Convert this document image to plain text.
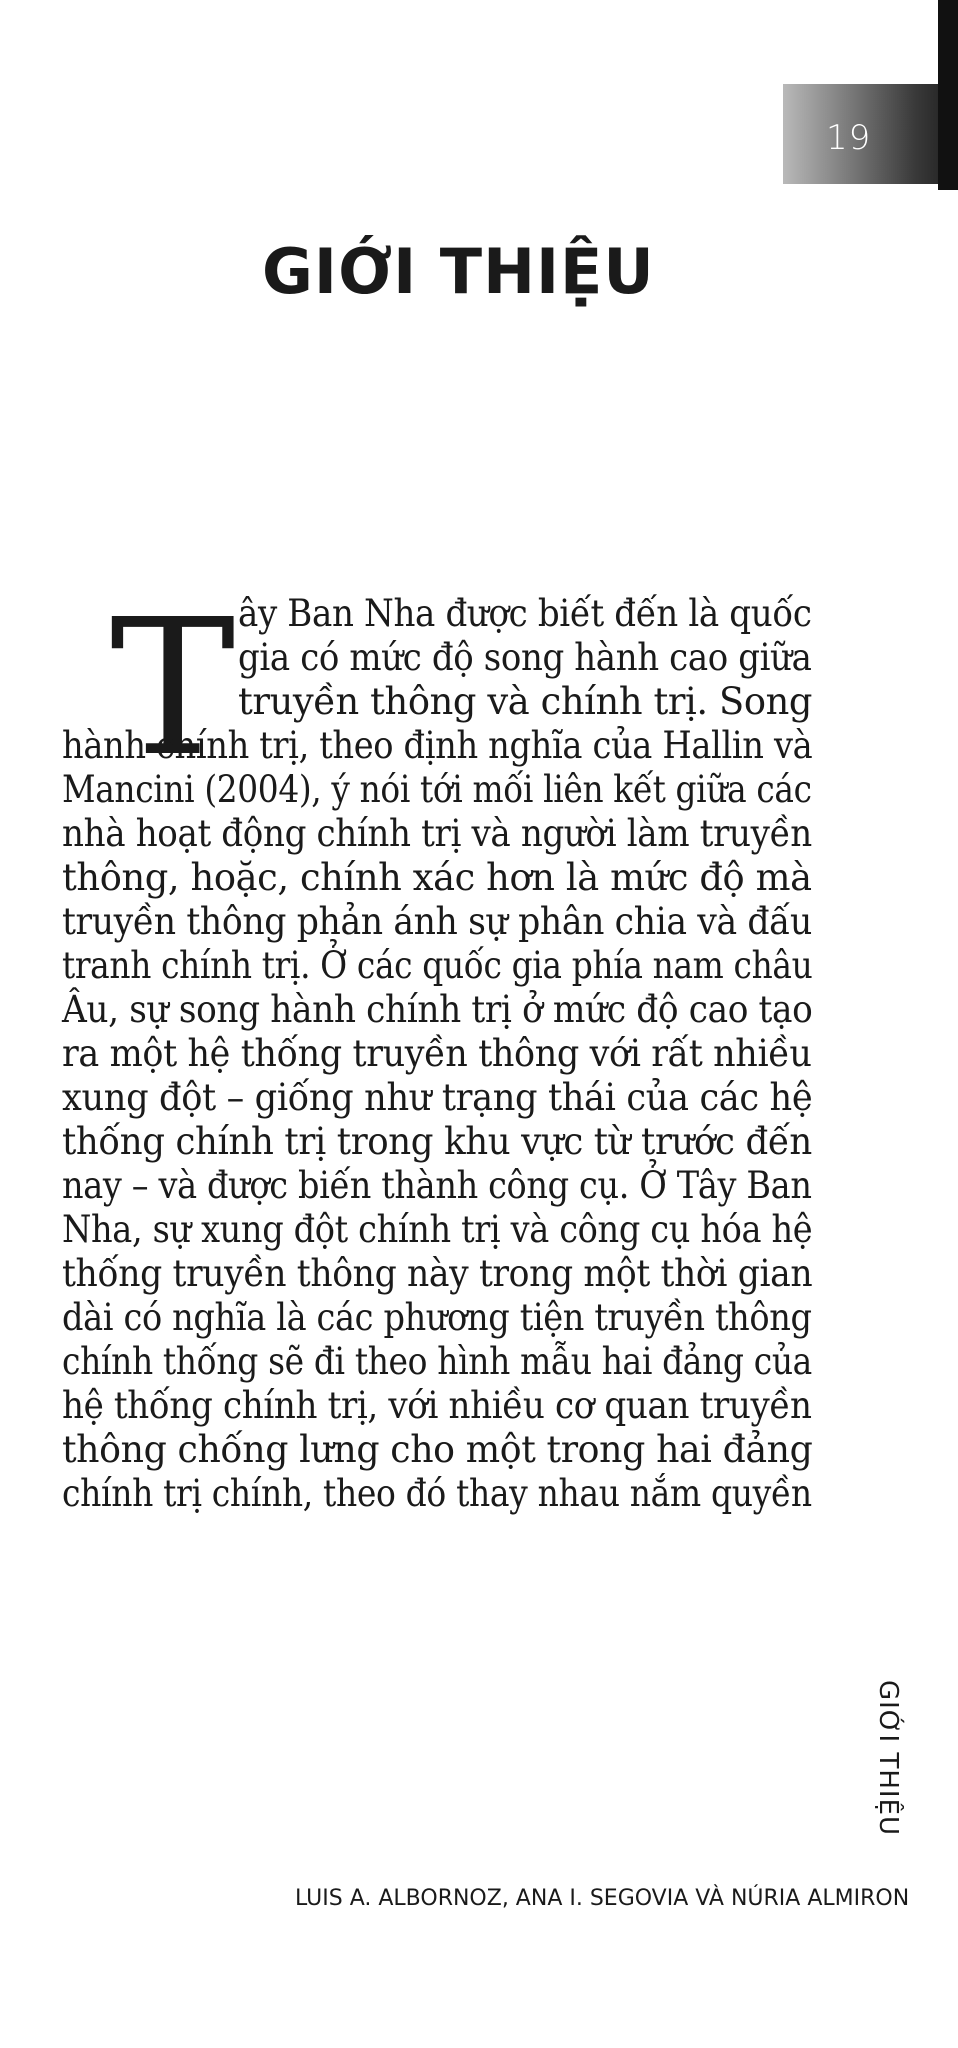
19
GIỚI THIỆU
T ây Ban Nha được biết đến là quốc
gia có mức độ song hành cao giữa
truyền thông và chính trị. Song
hành chính trị, theo định nghĩa của Hallin và
Mancini (2004), ý nói tới mối liên kết giữa các
nhà hoạt động chính trị và người làm truyền
thông, hoặc, chính xác hơn là mức độ mà
truyền thông phản ánh sự phân chia và đấu
tranh chính trị. Ở các quốc gia phía nam châu
Âu, sự song hành chính trị ở mức độ cao tạo
ra một hệ thống truyền thông với rất nhiều
xung đột – giống như trạng thái của các hệ
thống chính trị trong khu vực từ trước đến
nay – và được biến thành công cụ. Ở Tây Ban
Nha, sự xung đột chính trị và công cụ hóa hệ
thống truyền thông này trong một thời gian
dài có nghĩa là các phương tiện truyền thông
chính thống sẽ đi theo hình mẫu hai đảng của
hệ thống chính trị, với nhiều cơ quan truyền
thông chống lưng cho một trong hai đảng
chính trị chính, theo đó thay nhau nắm quyền
GIỚI THIỆU
LUIS A. ALBORNOZ, ANA I. SEGOVIA VÀ NÚRIA ALMIRON
